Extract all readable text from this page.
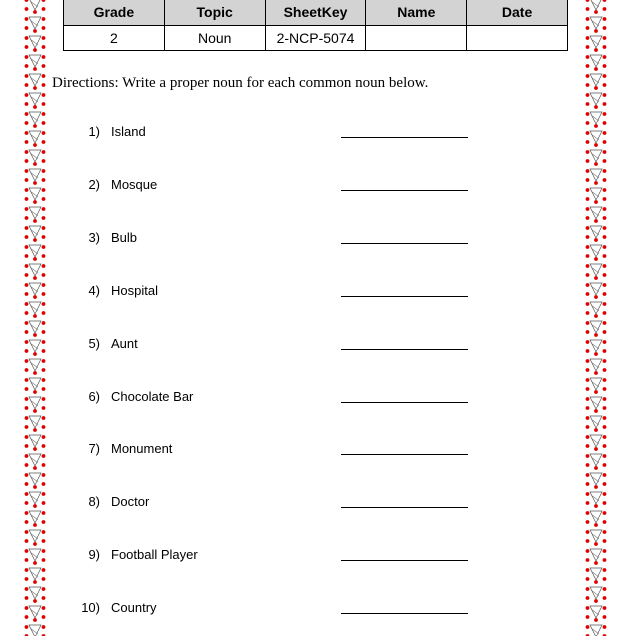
Grade	Topic	SheetKey	Name	Date
2	Noun	2-NCP-5074		

Directions: Write a proper noun for each common noun below.

1) Island
2) Mosque
3) Bulb
4) Hospital
5) Aunt
6) Chocolate Bar
7) Monument
8) Doctor
9) Football Player
10) Country
